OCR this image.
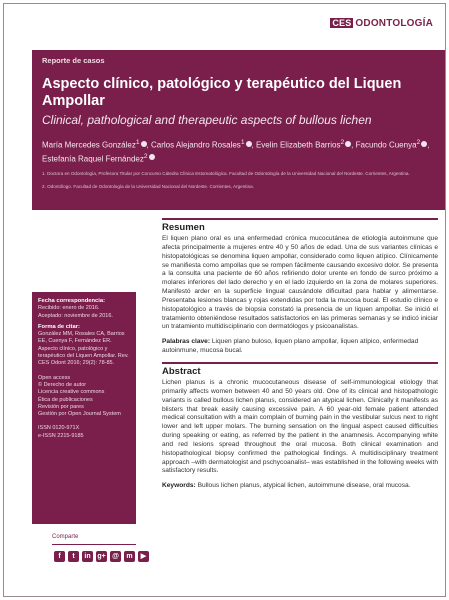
CES ODONTOLOGÍA
Reporte de casos
Aspecto clínico, patológico y terapéutico del Liquen Ampollar
Clinical, pathological and therapeutic aspects of bullous lichen
María Mercedes González$^1$ , Carlos Alejandro Rosales$^1$ , Evelin Elizabeth Barrios$^2$ , Facundo Cuenya$^2$ , Estefanía Raquel Fernández$^2$
1. Doctora en Odontología, Profesora Titular por Concurso Cátedra Clínica Estomatológica. Facultad de Odontología de la Universidad Nacional del Nordeste. Corrientes, Argentina.
2. Odontólogo. Facultad de Odontología de la Universidad Nacional del Nordeste. Corrientes, Argentina.
Fecha correspondencia:
Recibido: enero de 2016.
Aceptado: noviembre de 2016.
Forma de citar:
González MM, Rosales CA, Barrios EE, Cuenya F, Fernández ER. Aspecto clínico, patológico y terapéutico del Liquen Ampollar. Rev. CES Odont 2016; 29(2): 78-85.
Open access
© Derecho de autor
Licencia creative commons
Ética de publicaciones
Revisión por pares
Gestión por Open Journal System
ISSN 0120-971X
e-ISSN 2215-9185
Comparte
f	t	in g+ @	m	▶
Resumen
El liquen plano oral es una enfermedad crónica mucocutánea de etiología autoinmune que afecta principalmente a mujeres entre 40 y 50 años de edad. Una de sus variantes clínicas e histopatológicas se denomina liquen ampollar, considerado como liquen atípico. Clínicamente se manifiesta como ampollas que se rompen fácilmente causando excesivo dolor. Se presenta a la consulta una paciente de 60 años refiriendo dolor urente en fondo de surco próximo a molares inferiores del lado derecho y en el lado izquierdo en la zona de molares superiores. Manifestó arder en la superficie lingual causándole dificultad para hablar y alimentarse. Presentaba lesiones blancas y rojas extendidas por toda la mucosa bucal. El estudio clínico e histopatológico a través de biopsia constató la presencia de un liquen ampollar. Se inició el tratamiento obteniéndose resultados satisfactorios en las primeras semanas y se indicó iniciar un tratamiento multidisciplinario con dermatólogos y psicoanalistas.
Palabras clave: Liquen plano buloso, liquen plano ampollar, liquen atípico, enfermedad autoinmune, mucosa bucal.
Abstract
Lichen planus is a chronic mucocutaneous disease of self-immunological etiology that primarily affects women between 40 and 50 years old. One of its clinical and histopathologic variants is called bullous lichen planus, considered an atypical lichen. Clinically it manifests as blisters that break easily causing excessive pain. A 60 year-old female patient attended medical consultation with a main complain of burning pain in the vestibular sulcus next to right lower and left upper molars. The burning sensation on the lingual aspect caused difficulties during speaking or eating, as referred by the patient in the anamnesis. Accompanying white and red lesions spread throughout the oral mucosa. Both clinical examination and histopathological biopsy confirmed the pathological findings. A multidisciplinary treatment approach –with dermatologist and pschycoanalist– was established in the following weeks with satisfactory results.
Keywords: Bullous lichen planus, atypical lichen, autoimmune disease, oral mucosa.
